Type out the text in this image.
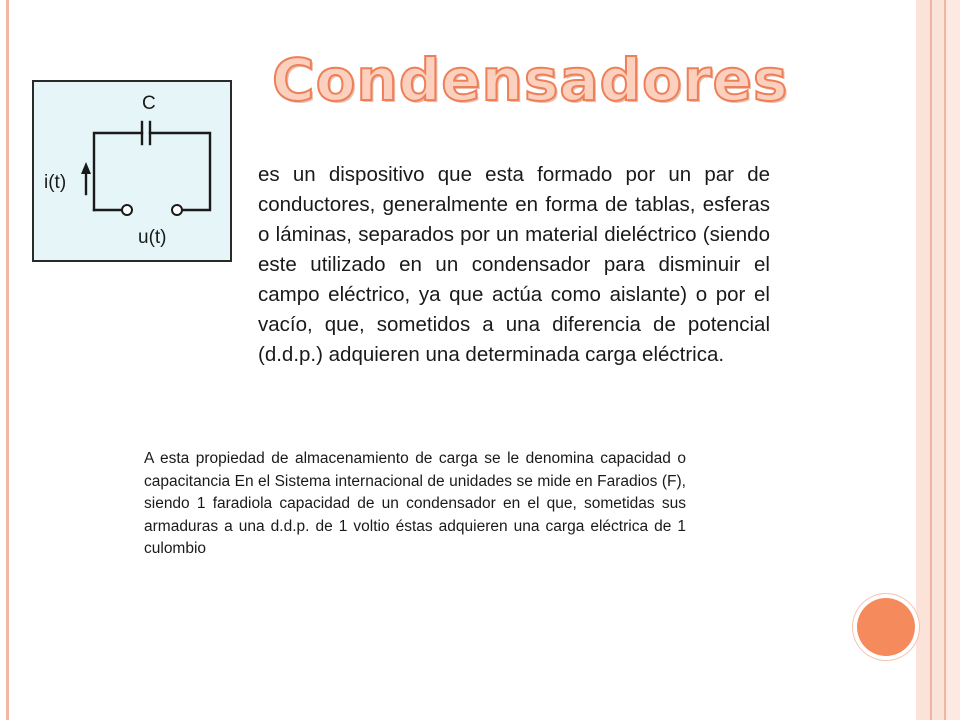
Condensadores
C
i(t)
u(t)

es un dispositivo que esta formado por un par de conductores, generalmente en forma de tablas, esferas o láminas, separados por un material dieléctrico (siendo este utilizado en un condensador para disminuir el campo eléctrico, ya que actúa como aislante) o por el vacío, que, sometidos a una diferencia de potencial (d.d.p.) adquieren una determinada carga eléctrica.

A esta propiedad de almacenamiento de carga se le denomina capacidad o capacitancia En el Sistema internacional de unidades se mide en Faradios (F), siendo 1 faradiola capacidad de un condensador en el que, sometidas sus armaduras a una d.d.p. de 1 voltio éstas adquieren una carga eléctrica de 1 culombio
